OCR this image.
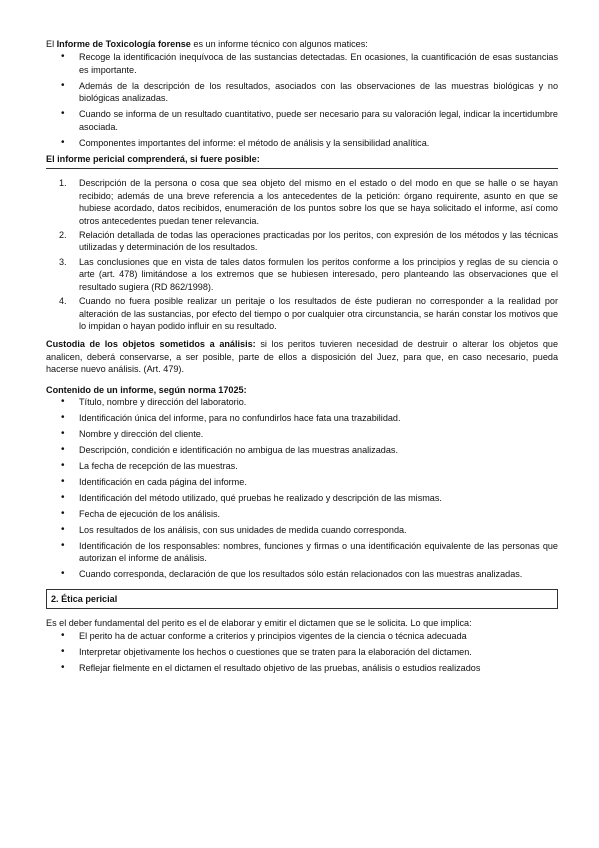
El Informe de Toxicología forense es un informe técnico con algunos matices:

• Recoge la identificación inequívoca de las sustancias detectadas. En ocasiones, la cuantificación de esas sustancias es importante.
• Además de la descripción de los resultados, asociados con las observaciones de las muestras biológicas y no biológicas analizadas.
• Cuando se informa de un resultado cuantitativo, puede ser necesario para su valoración legal, indicar la incertidumbre asociada.
• Componentes importantes del informe: el método de análisis y la sensibilidad analítica.

El informe pericial comprenderá, si fuere posible:

1. Descripción de la persona o cosa que sea objeto del mismo en el estado o del modo en que se halle o se hayan recibido; además de una breve referencia a los antecedentes de la petición: órgano requirente, asunto en que se hubiese acordado, datos recibidos, enumeración de los puntos sobre los que se haya solicitado el informe, así como otros antecedentes puedan tener relevancia.
2. Relación detallada de todas las operaciones practicadas por los peritos, con expresión de los métodos y las técnicas utilizadas y determinación de los resultados.
3. Las conclusiones que en vista de tales datos formulen los peritos conforme a los principios y reglas de su ciencia o arte (art. 478) limitándose a los extremos que se hubiesen interesado, pero planteando las observaciones que el resultado sugiera (RD 862/1998).
4. Cuando no fuera posible realizar un peritaje o los resultados de éste pudieran no corresponder a la realidad por alteración de las sustancias, por efecto del tiempo o por cualquier otra circunstancia, se harán constar los motivos que lo impidan o hayan podido influir en su resultado.

Custodia de los objetos sometidos a análisis: si los peritos tuvieren necesidad de destruir o alterar los objetos que analicen, deberá conservarse, a ser posible, parte de ellos a disposición del Juez, para que, en caso necesario, pueda hacerse nuevo análisis. (Art. 479).

Contenido de un informe, según norma 17025:

• Título, nombre y dirección del laboratorio.
• Identificación única del informe, para no confundirlos hace fata una trazabilidad.
• Nombre y dirección del cliente.
• Descripción, condición e identificación no ambigua de las muestras analizadas.
• La fecha de recepción de las muestras.
• Identificación en cada página del informe.
• Identificación del método utilizado, qué pruebas he realizado y descripción de las mismas.
• Fecha de ejecución de los análisis.
• Los resultados de los análisis, con sus unidades de medida cuando corresponda.
• Identificación de los responsables: nombres, funciones y firmas o una identificación equivalente de las personas que autorizan el informe de análisis.
• Cuando corresponda, declaración de que los resultados sólo están relacionados con las muestras analizadas.
2. Ética pericial

Es el deber fundamental del perito es el de elaborar y emitir el dictamen que se le solicita. Lo que implica:

• El perito ha de actuar conforme a criterios y principios vigentes de la ciencia o técnica adecuada
• Interpretar objetivamente los hechos o cuestiones que se traten para la elaboración del dictamen.
• Reflejar fielmente en el dictamen el resultado objetivo de las pruebas, análisis o estudios realizados
